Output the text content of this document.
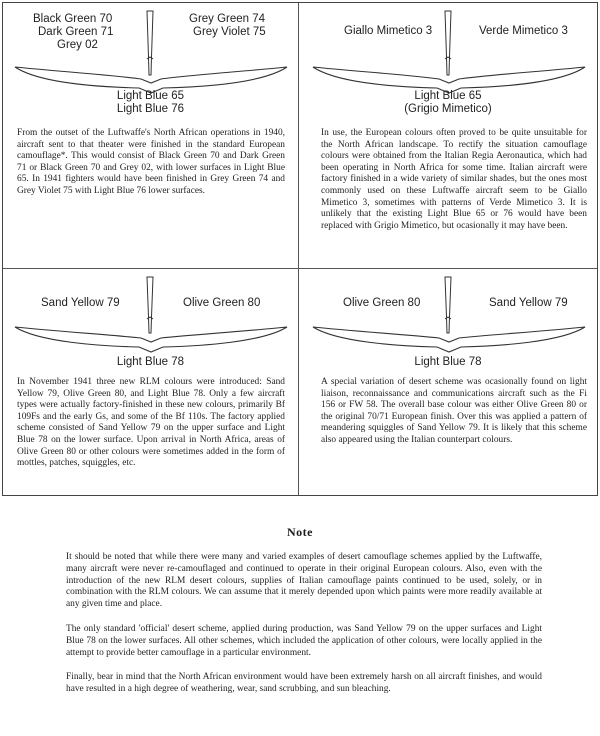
Black Green 70
Dark Green 71
Grey 02
Grey Green 74
Grey Violet 75
Light Blue 65
Light Blue 76

From the outset of the Luftwaffe's North African operations in 1940, aircraft sent to that theater were finished in the standard European camouflage*. This would consist of Black Green 70 and Dark Green 71 or Black Green 70 and Grey 02, with lower surfaces in Light Blue 65. In 1941 fighters would have been finished in Grey Green 74 and Grey Violet 75 with Light Blue 76 lower surfaces.

Giallo Mimetico 3	Verde Mimetico 3
Light Blue 65
(Grigio Mimetico)

In use, the European colours often proved to be quite unsuitable for the North African landscape. To rectify the situation camouflage colours were obtained from the Italian Regia Aeronautica, which had been operating in North Africa for some time. Italian aircraft were factory finished in a wide variety of similar shades, but the ones most commonly used on these Luftwaffe aircraft seem to be Giallo Mimetico 3, sometimes with patterns of Verde Mimetico 3. It is unlikely that the existing Light Blue 65 or 76 would have been replaced with Grigio Mimetico, but ocasionally it may have been.

Sand Yellow 79	Olive Green 80
Light Blue 78

In November 1941 three new RLM colours were introduced: Sand Yellow 79, Olive Green 80, and Light Blue 78. Only a few aircraft types were actually factory-finished in these new colours, primarily Bf 109Fs and the early Gs, and some of the Bf 110s. The factory applied scheme consisted of Sand Yellow 79 on the upper surface and Light Blue 78 on the lower surface. Upon arrival in North Africa, areas of Olive Green 80 or other colours were sometimes added in the form of mottles, patches, squiggles, etc.

Olive Green 80	Sand Yellow 79
Light Blue 78

A special variation of desert scheme was ocasionally found on light liaison, reconnaissance and communications aircraft such as the Fi 156 or FW 58. The overall base colour was either Olive Green 80 or the original 70/71 European finish. Over this was applied a pattern of meandering squiggles of Sand Yellow 79. It is likely that this scheme also appeared using the Italian counterpart colours.

Note

It should be noted that while there were many and varied examples of desert camouflage schemes applied by the Luftwaffe, many aircraft were never re-camouflaged and continued to operate in their original European colours. Also, even with the introduction of the new RLM desert colours, supplies of Italian camouflage paints continued to be used, solely, or in combination with the RLM colours. We can assume that it merely depended upon which paints were more readily available at any given time and place.

The only standard 'official' desert scheme, applied during production, was Sand Yellow 79 on the upper surfaces and Light Blue 78 on the lower surfaces. All other schemes, which included the application of other colours, were locally applied in the attempt to provide better camouflage in a particular environment.

Finally, bear in mind that the North African environment would have been extremely harsh on all aircraft finishes, and would have resulted in a high degree of weathering, wear, sand scrubbing, and sun bleaching.
